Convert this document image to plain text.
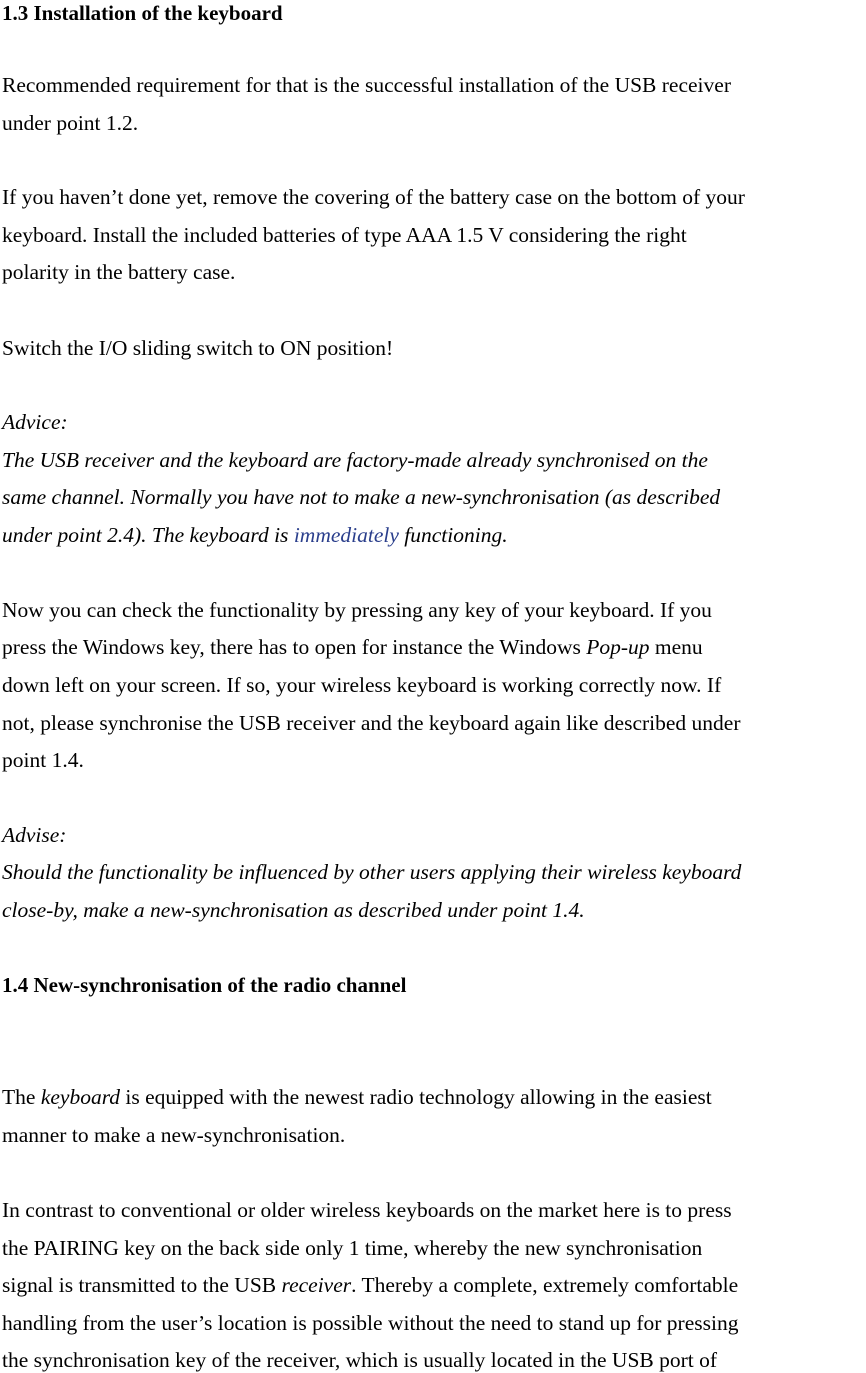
1.3 Installation of the keyboard
Recommended requirement for that is the successful installation of the USB receiver
under point 1.2.
If you haven’t done yet, remove the covering of the battery case on the bottom of your
keyboard. Install the included batteries of type AAA 1.5 V considering the right
polarity in the battery case.
Switch the I/O sliding switch to ON position!
Advice:
The USB receiver and the keyboard are factory-made already synchronised on the
same channel. Normally you have not to make a new-synchronisation (as described
under point 2.4). The keyboard is immediately functioning.
Now you can check the functionality by pressing any key of your keyboard. If you
press the Windows key, there has to open for instance the Windows Pop-up menu
down left on your screen. If so, your wireless keyboard is working correctly now. If
not, please synchronise the USB receiver and the keyboard again like described under
point 1.4.
Advise:
Should the functionality be influenced by other users applying their wireless keyboard
close-by, make a new-synchronisation as described under point 1.4.
1.4 New-synchronisation of the radio channel
The keyboard is equipped with the newest radio technology allowing in the easiest
manner to make a new-synchronisation.
In contrast to conventional or older wireless keyboards on the market here is to press
the PAIRING key on the back side only 1 time, whereby the new synchronisation
signal is transmitted to the USB receiver. Thereby a complete, extremely comfortable
handling from the user’s location is possible without the need to stand up for pressing
the synchronisation key of the receiver, which is usually located in the USB port of
